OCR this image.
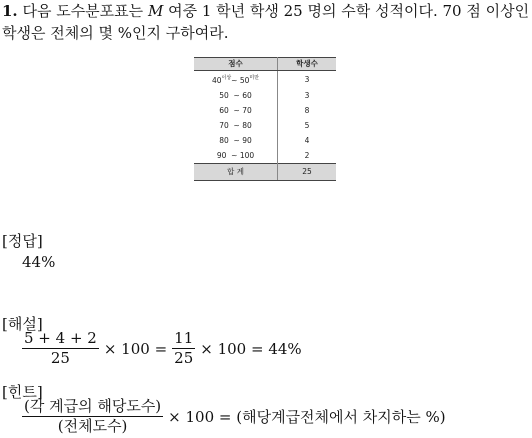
1. 다음 도수분포표는 M 여중 1 학년 학생 25 명의 수학 성적이다. 70 점 이상인
학생은 전체의 몇 %인지 구하여라.
점수	학생수
$40^{이상}\sim$ $50^{미만}$	3
50 ~ 60	3
60 ~ 70	8
70 ~ 80	5
80 ~ 90	4
90 ~ 100	2
합 계	25
[정답]
44%
[해설]
$\frac{5 + 4 + 2}{25} \times 100 = \frac{11}{25} \times 100 = 44\%$
[힌트]
$\frac{\text{(각 계급의 해당도수)}}{\text{(전체도수)}} \times 100$ = (해당계급전체에서 차지하는 %)
